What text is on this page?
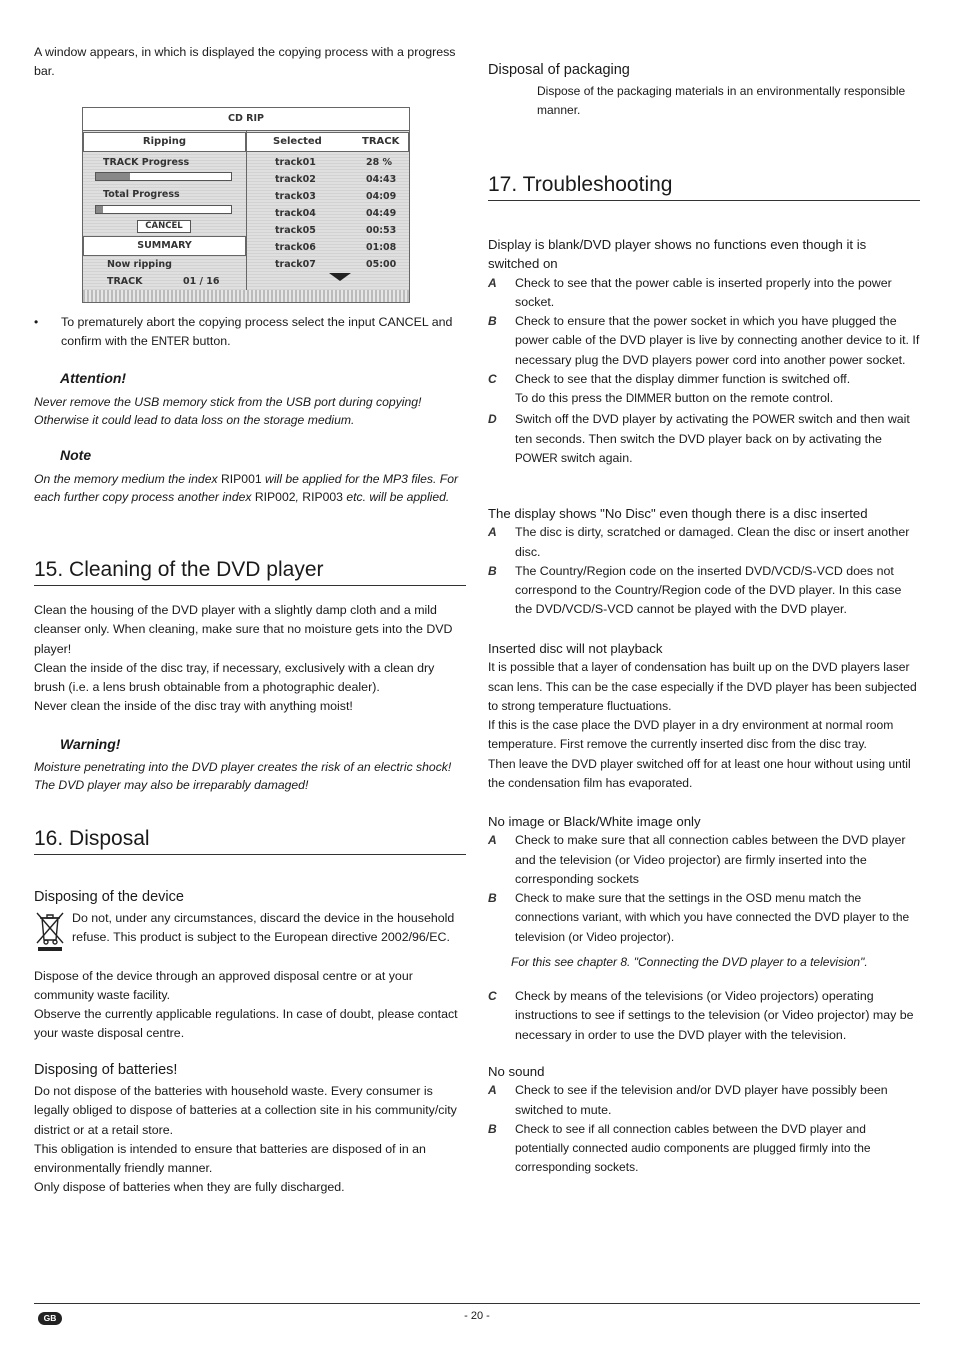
A window appears, in which is displayed the copying process with a progress bar.

CD RIP
Ripping	Selected	TRACK
TRACK Progress
Total Progress
CANCEL
SUMMARY
Now ripping
TRACK	01 / 16
track01	28 %
track02	04:43
track03	04:09
track04	04:49
track05	00:53
track06	01:08
track07	05:00
•	To prematurely abort the copying process select the input CANCEL and confirm with the ENTER button.

Attention!

Never remove the USB memory stick from the USB port during copying! Otherwise it could lead to data loss on the storage medium.

Note

On the memory medium the index RIP001 will be applied for the MP3 files. For each further copy process another index RIP002, RIP003 etc. will be applied.

15. Cleaning of the DVD player

Clean the housing of the DVD player with a slightly damp cloth and a mild cleanser only. When cleaning, make sure that no moisture gets into the DVD player!

Clean the inside of the disc tray, if necessary, exclusively with a clean dry brush (i.e. a lens brush obtainable from a photographic dealer).

Never clean the inside of the disc tray with anything moist!

Warning!

Moisture penetrating into the DVD player creates the risk of an electric shock! The DVD player may also be irreparably damaged!

16. Disposal

Disposing of the device

Do not, under any circumstances, discard the device in the household refuse. This product is subject to the European directive 2002/96/EC.

Dispose of the device through an approved disposal centre or at your community waste facility.

Observe the currently applicable regulations. In case of doubt, please contact your waste disposal centre.

Disposing of batteries!

Do not dispose of the batteries with household waste. Every consumer is legally obliged to dispose of batteries at a collection site in his community/city district or at a retail store.

This obligation is intended to ensure that batteries are disposed of in an environmentally friendly manner.

Only dispose of batteries when they are fully discharged.

Disposal of packaging

Dispose of the packaging materials in an environmentally responsible manner.

17. Troubleshooting

Display is blank/DVD player shows no functions even though it is switched on

A	Check to see that the power cable is inserted properly into the power socket.
B	Check to ensure that the power socket in which you have plugged the power cable of the DVD player is live by connecting another device to it. If necessary plug the DVD players power cord into another power socket.
C	Check to see that the display dimmer function is switched off.
To do this press the DIMMER button on the remote control.
D	Switch off the DVD player by activating the POWER switch and then wait ten seconds. Then switch the DVD player back on by activating the POWER switch again.

The display shows "No Disc" even though there is a disc inserted

A	The disc is dirty, scratched or damaged. Clean the disc or insert another disc.
B	The Country/Region code on the inserted DVD/VCD/S-VCD does not correspond to the Country/Region code of the DVD player. In this case the DVD/VCD/S-VCD cannot be played with the DVD player.

Inserted disc will not playback

It is possible that a layer of condensation has built up on the DVD players laser scan lens. This can be the case especially if the DVD player has been subjected to strong temperature fluctuations.

If this is the case place the DVD player in a dry environment at normal room temperature. First remove the currently inserted disc from the disc tray.

Then leave the DVD player switched off for at least one hour without using until the condensation film has evaporated.

No image or Black/White image only

A	Check to make sure that all connection cables between the DVD player and the television (or Video projector) are firmly inserted into the corresponding sockets
B	Check to make sure that the settings in the OSD menu match the connections variant, with which you have connected the DVD player to the television (or Video projector).

For this see chapter 8. "Connecting the DVD player to a television".

C	Check by means of the televisions (or Video projectors) operating instructions to see if settings to the television (or Video projector) may be necessary in order to use the DVD player with the television.

No sound

A	Check to see if the television and/or DVD player have possibly been switched to mute.
B	Check to see if all connection cables between the DVD player and potentially connected audio components are plugged firmly into the corresponding sockets.
GB	- 20 -
